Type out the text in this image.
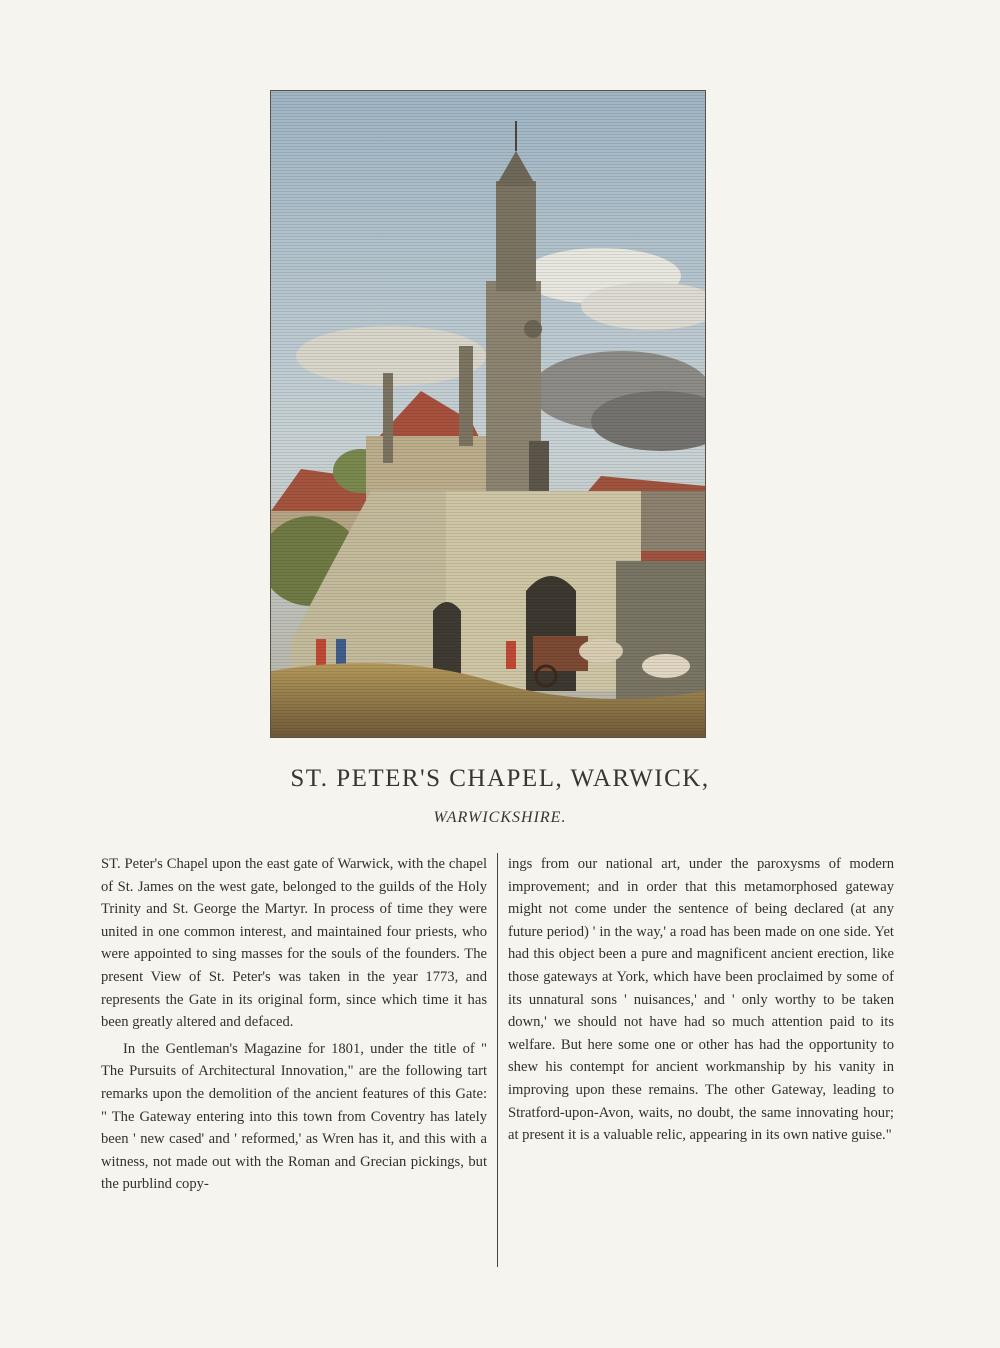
ST. PETER'S CHAPEL, WARWICK,
WARWICKSHIRE.

ST. Peter's Chapel upon the east gate of Warwick, with the chapel of St. James on the west gate, belonged to the guilds of the Holy Trinity and St. George the Martyr. In process of time they were united in one common interest, and maintained four priests, who were appointed to sing masses for the souls of the founders. The present View of St. Peter's was taken in the year 1773, and represents the Gate in its original form, since which time it has been greatly altered and defaced.

In the Gentleman's Magazine for 1801, under the title of " The Pursuits of Architectural Innovation," are the following tart remarks upon the demolition of the ancient features of this Gate: " The Gateway entering into this town from Coventry has lately been ' new cased' and ' reformed,' as Wren has it, and this with a witness, not made out with the Roman and Grecian pickings, but the purblind copy-

ings from our national art, under the paroxysms of modern improvement; and in order that this metamorphosed gateway might not come under the sentence of being declared (at any future period) ' in the way,' a road has been made on one side. Yet had this object been a pure and magnificent ancient erection, like those gateways at York, which have been proclaimed by some of its unnatural sons ' nuisances,' and ' only worthy to be taken down,' we should not have had so much attention paid to its welfare. But here some one or other has had the opportunity to shew his contempt for ancient workmanship by his vanity in improving upon these remains. The other Gateway, leading to Stratford-upon-Avon, waits, no doubt, the same innovating hour; at present it is a valuable relic, appearing in its own native guise."
